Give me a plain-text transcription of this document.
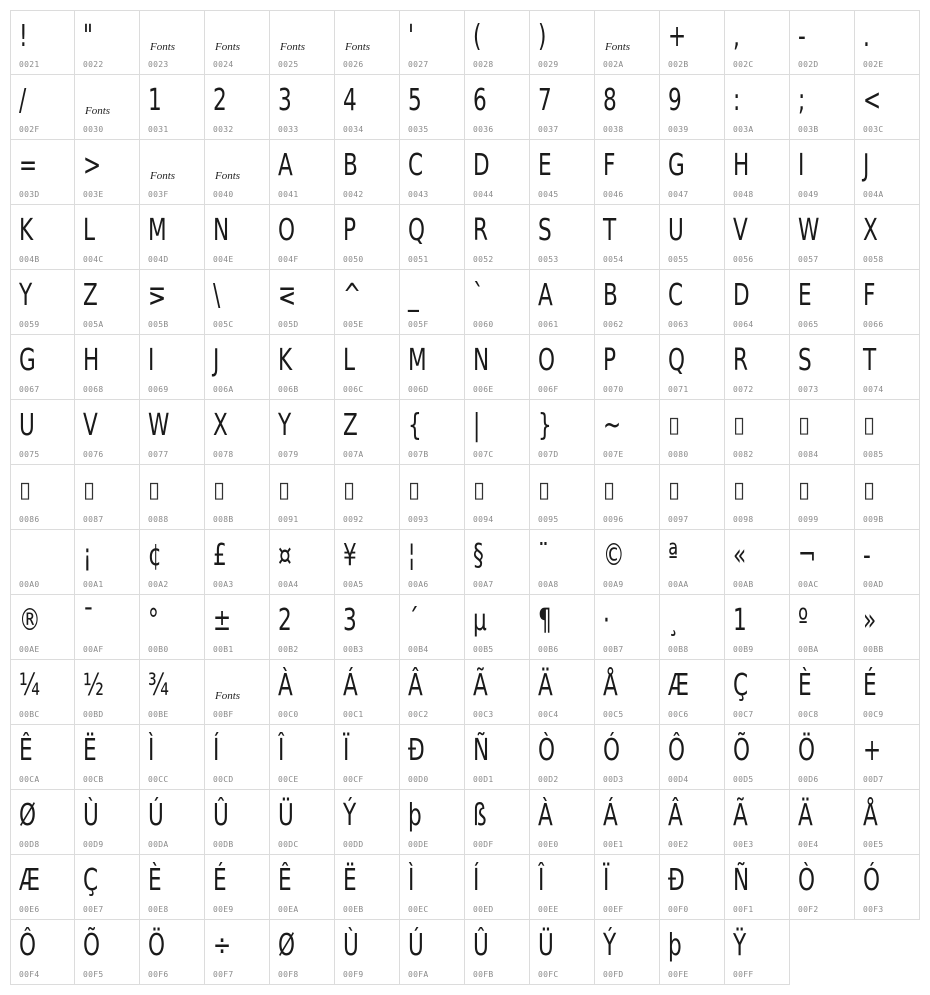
!
0021
"
0022
Fonts
0023
Fonts
0024
Fonts
0025
Fonts
0026
'
0027
(
0028
)
0029
Fonts
002A
+
002B
,
002C
-
002D
.
002E
/
002F
Fonts
0030
1
0031
2
0032
3
0033
4
0034
5
0035
6
0036
7
0037
8
0038
9
0039
:
003A
;
003B
<
003C
=
003D
>
003E
Fonts
003F
Fonts
0040
A
0041
B
0042
C
0043
D
0044
E
0045
F
0046
G
0047
H
0048
I
0049
J
004A
K
004B
L
004C
M
004D
N
004E
O
004F
P
0050
Q
0051
R
0052
S
0053
T
0054
U
0055
V
0056
W
0057
X
0058
Y
0059
Z
005A
⋝
005B
\
005C
⋜
005D
^
005E
_
005F
`
0060
A
0061
B
0062
C
0063
D
0064
E
0065
F
0066
G
0067
H
0068
I
0069
J
006A
K
006B
L
006C
M
006D
N
006E
O
006F
P
0070
Q
0071
R
0072
S
0073
T
0074
U
0075
V
0076
W
0077
X
0078
Y
0079
Z
007A
{
007B
|
007C
}
007D
~
007E
▯
0080
▯
0082
▯
0084
▯
0085
▯
0086
▯
0087
▯
0088
▯
008B
▯
0091
▯
0092
▯
0093
▯
0094
▯
0095
▯
0096
▯
0097
▯
0098
▯
0099
▯
009B
00A0
¡
00A1
¢
00A2
£
00A3
¤
00A4
¥
00A5
¦
00A6
§
00A7
¨
00A8
©
00A9
ª
00AA
«
00AB
¬
00AC
-
00AD
®
00AE
¯
00AF
°
00B0
±
00B1
2
00B2
3
00B3
´
00B4
µ
00B5
¶
00B6
·
00B7
¸
00B8
1
00B9
º
00BA
»
00BB
¼
00BC
½
00BD
¾
00BE
Fonts
00BF
À
00C0
Á
00C1
Â
00C2
Ã
00C3
Ä
00C4
Å
00C5
Æ
00C6
Ç
00C7
È
00C8
É
00C9
Ê
00CA
Ë
00CB
Ì
00CC
Í
00CD
Î
00CE
Ï
00CF
Đ
00D0
Ñ
00D1
Ò
00D2
Ó
00D3
Ô
00D4
Õ
00D5
Ö
00D6
+
00D7
Ø
00D8
Ù
00D9
Ú
00DA
Û
00DB
Ü
00DC
Ý
00DD
þ
00DE
ß
00DF
À
00E0
Á
00E1
Â
00E2
Ã
00E3
Ä
00E4
Å
00E5
Æ
00E6
Ç
00E7
È
00E8
É
00E9
Ê
00EA
Ë
00EB
Ì
00EC
Í
00ED
Î
00EE
Ï
00EF
Đ
00F0
Ñ
00F1
Ò
00F2
Ó
00F3
Ô
00F4
Õ
00F5
Ö
00F6
÷
00F7
Ø
00F8
Ù
00F9
Ú
00FA
Û
00FB
Ü
00FC
Ý
00FD
þ
00FE
Ÿ
00FF
